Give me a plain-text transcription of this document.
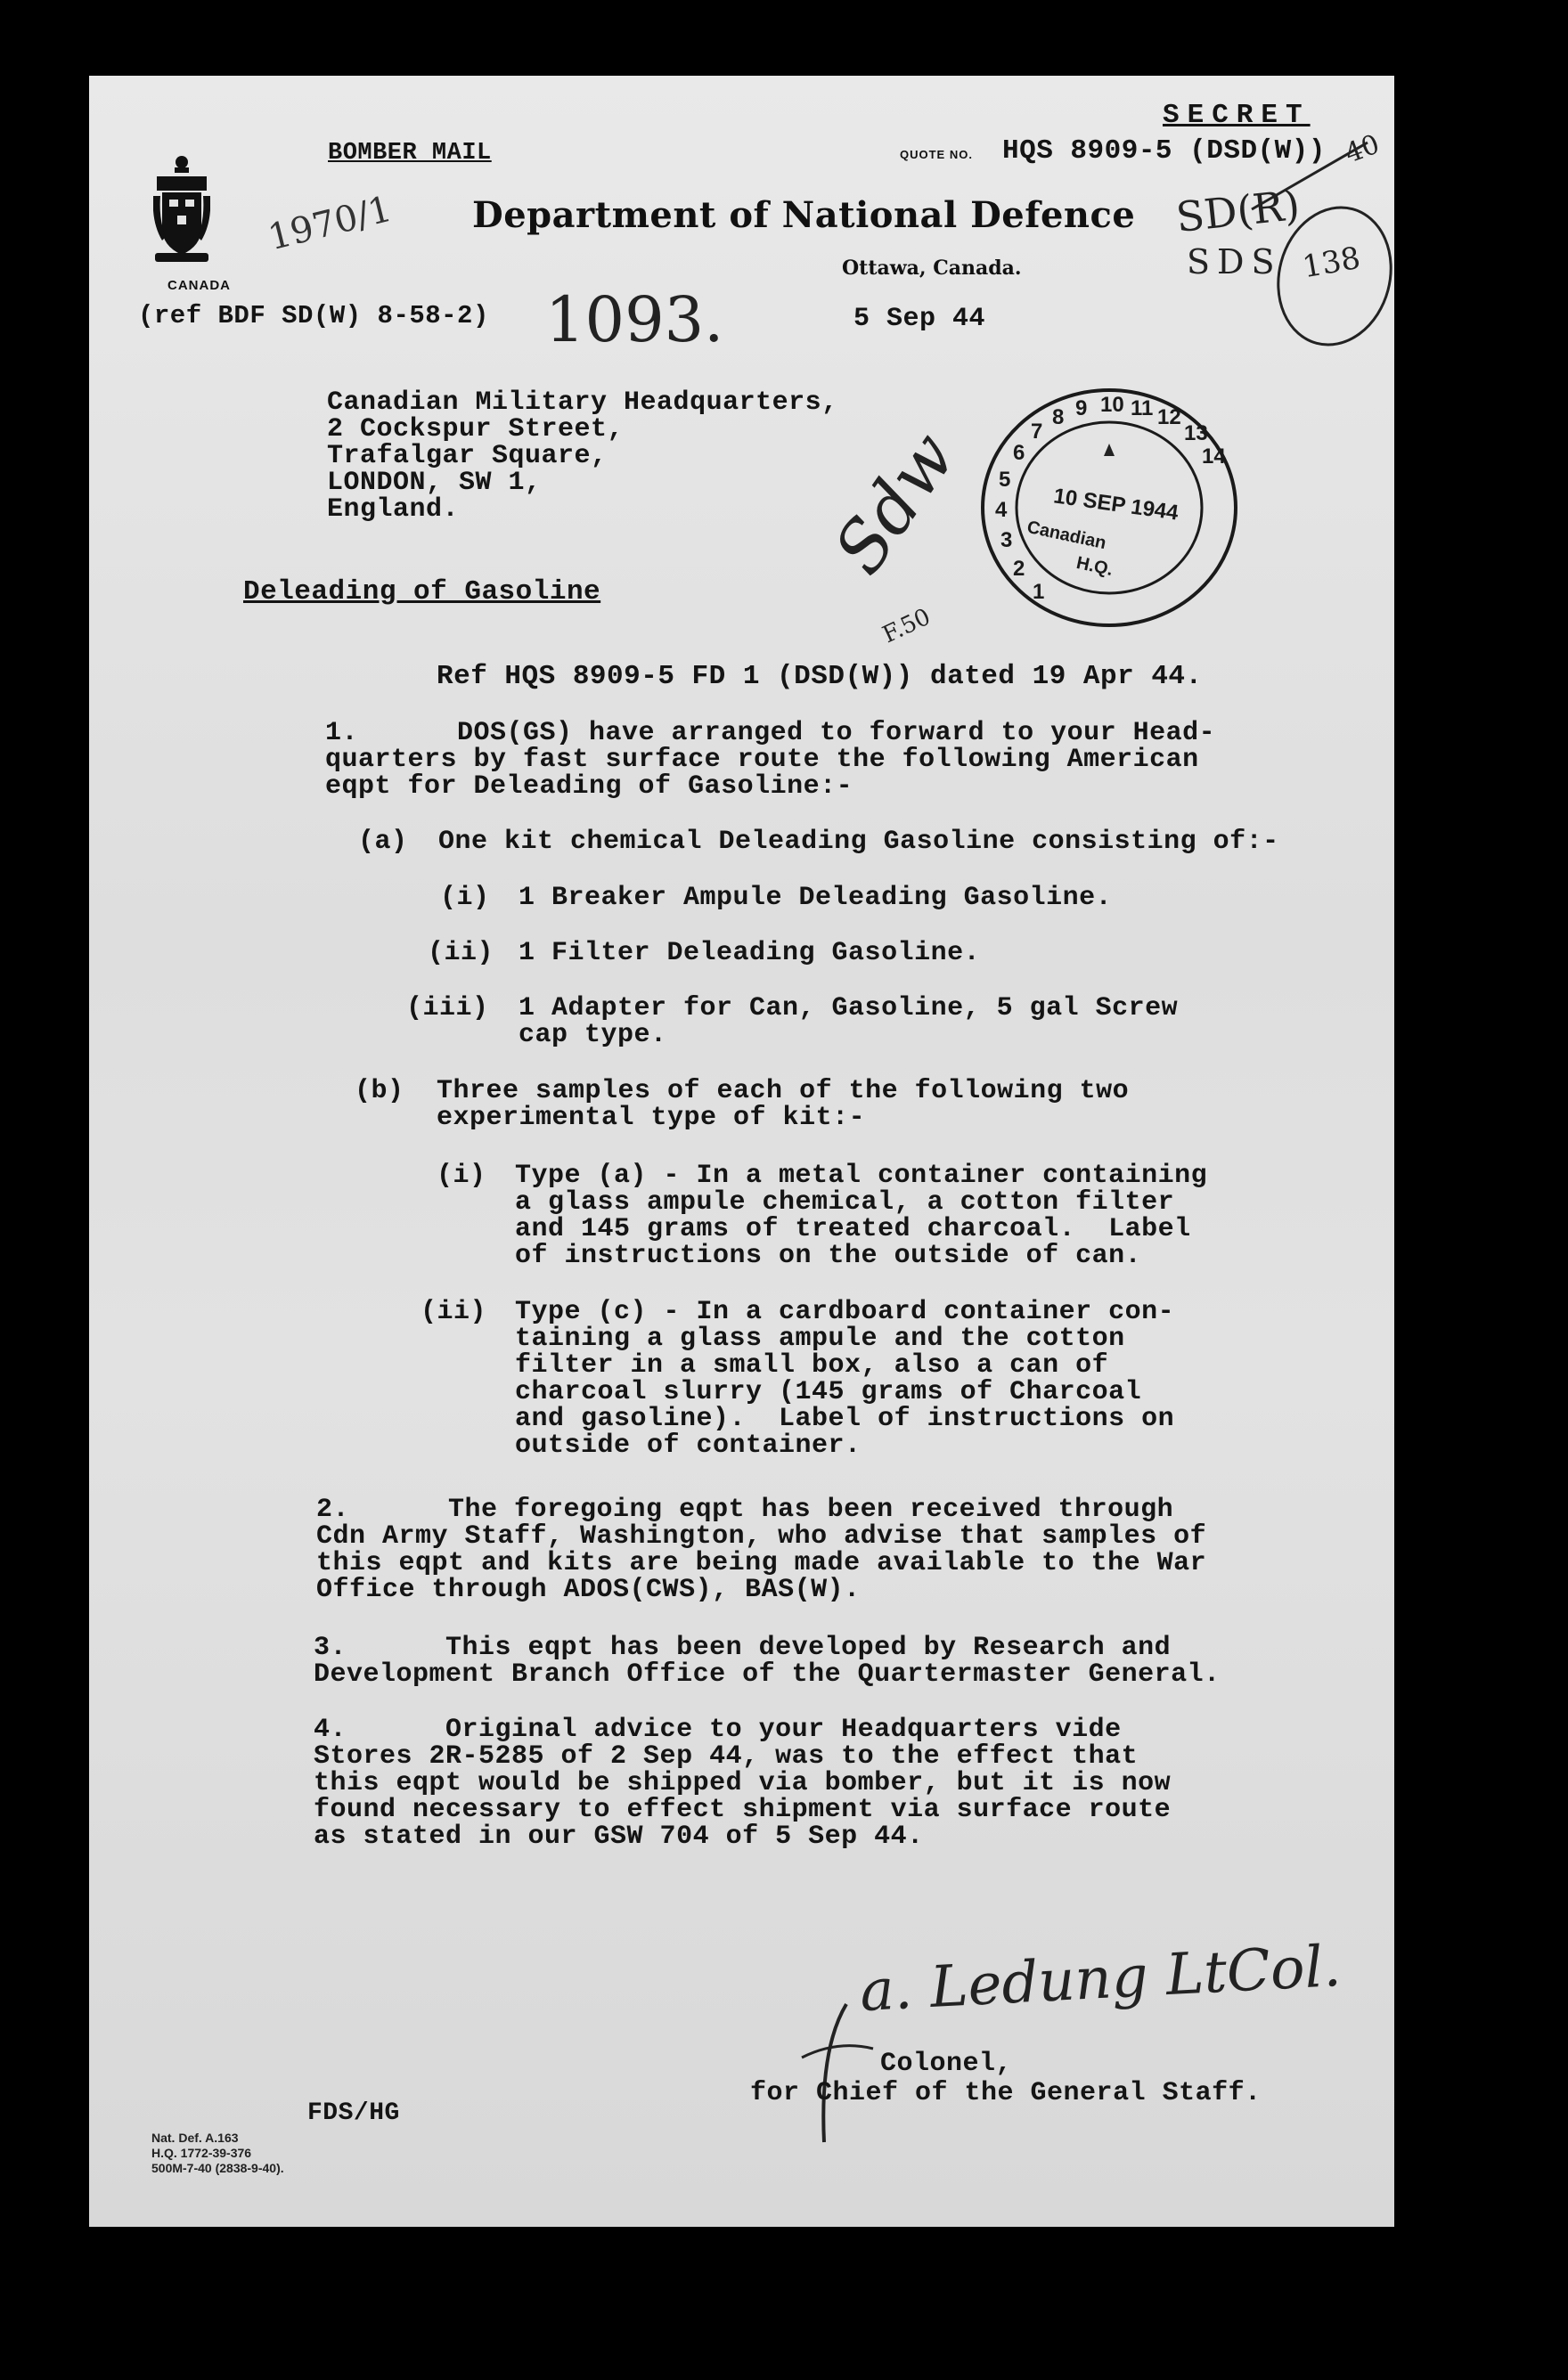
SECRET
BOMBER MAIL	QUOTE NO. HQS 8909-5 (DSD(W))
CANADA
Department of National Defence
Ottawa, Canada.
(ref BDF SD(W) 8-58-2)	5 Sep 44
1970/1
1093.
SD(R)
SDS 138
40
Sdw
F.50
10 11 12
13
14
9
8
7
6
5
4
3
2
1
10 SEP 1944
Canadian
H.Q.
Canadian Military Headquarters,
2 Cockspur Street,
Trafalgar Square,
LONDON, SW 1,
England.
Deleading of Gasoline
Ref HQS 8909-5 FD 1 (DSD(W)) dated 19 Apr 44.
1.      DOS(GS) have arranged to forward to your Head-
quarters by fast surface route the following American
eqpt for Deleading of Gasoline:-
(a) One kit chemical Deleading Gasoline consisting of:-
(i) 1 Breaker Ampule Deleading Gasoline.
(ii) 1 Filter Deleading Gasoline.
(iii) 1 Adapter for Can, Gasoline, 5 gal Screw
cap type.
(b) Three samples of each of the following two
experimental type of kit:-
(i) Type (a) - In a metal container containing
a glass ampule chemical, a cotton filter
and 145 grams of treated charcoal.  Label
of instructions on the outside of can.
(ii) Type (c) - In a cardboard container con-
taining a glass ampule and the cotton
filter in a small box, also a can of
charcoal slurry (145 grams of Charcoal
and gasoline).  Label of instructions on
outside of container.
2.      The foregoing eqpt has been received through
Cdn Army Staff, Washington, who advise that samples of
this eqpt and kits are being made available to the War
Office through ADOS(CWS), BAS(W).
3.      This eqpt has been developed by Research and
Development Branch Office of the Quartermaster General.
4.      Original advice to your Headquarters vide
Stores 2R-5285 of 2 Sep 44, was to the effect that
this eqpt would be shipped via bomber, but it is now
found necessary to effect shipment via surface route
as stated in our GSW 704 of 5 Sep 44.
a. Ledung LtCol.
Colonel,
for Chief of the General Staff.
FDS/HG
Nat. Def. A.163
H.Q. 1772-39-376
500M-7-40 (2838-9-40).
